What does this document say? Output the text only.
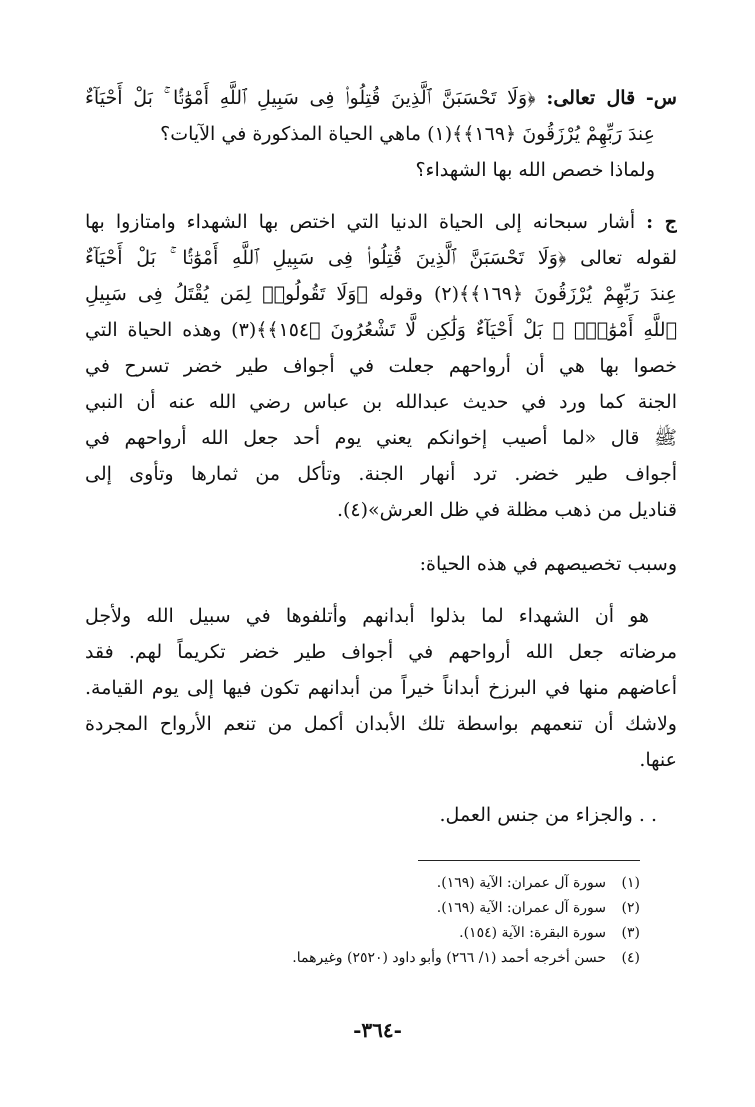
س- قال تعالى: ﴿وَلَا تَحْسَبَنَّ ٱلَّذِينَ قُتِلُوا۟ فِى سَبِيلِ ٱللَّهِ أَمْوَٰتًۢا ۚ بَلْ أَحْيَآءٌ
عِندَ رَبِّهِمْ يُرْزَقُونَ ﴿١٦٩﴾﴾(١) ماهي الحياة المذكورة في الآيات؟
ولماذا خصص الله بها الشهداء؟
ج : أشار سبحانه إلى الحياة الدنيا التي اختص بها الشهداء وامتازوا بها
لقوله تعالى ﴿وَلَا تَحْسَبَنَّ ٱلَّذِينَ قُتِلُوا۟ فِى سَبِيلِ ٱللَّهِ أَمْوَٰتًۢا ۚ بَلْ أَحْيَآءٌ
عِندَ رَبِّهِمْ يُرْزَقُونَ ﴿١٦٩﴾﴾(٢) وقوله ﴿وَلَا تَقُولُوا۟ لِمَن يُقْتَلُ فِى سَبِيلِ
ٱللَّهِ أَمْوَٰتٌۢ ۚ بَلْ أَحْيَآءٌ وَلَٰكِن لَّا تَشْعُرُونَ ﴿١٥٤﴾﴾(٣) وهذه الحياة التي
خصوا بها هي أن أرواحهم جعلت في أجواف طير خضر تسرح في
الجنة كما ورد في حديث عبدالله بن عباس رضي الله عنه أن النبي
ﷺ قال «لما أصيب إخوانكم يعني يوم أحد جعل الله أرواحهم في
أجواف طير خضر. ترد أنهار الجنة. وتأكل من ثمارها وتأوى إلى
قناديل من ذهب مظلة في ظل العرش»(٤).
وسبب تخصيصهم في هذه الحياة:
هو أن الشهداء لما بذلوا أبدانهم وأتلفوها في سبيل الله ولأجل
مرضاته جعل الله أرواحهم في أجواف طير خضر تكريماً لهم. فقد
أعاضهم منها في البرزخ أبداناً خيراً من أبدانهم تكون فيها إلى يوم القيامة.
ولاشك أن تنعمهم بواسطة تلك الأبدان أكمل من تنعم الأرواح المجردة
عنها.
. . والجزاء من جنس العمل.
(١)سورة آل عمران: الآية (١٦٩).
(٢)سورة آل عمران: الآية (١٦٩).
(٣)سورة البقرة: الآية (١٥٤).
(٤)حسن أخرجه أحمد (١/ ٢٦٦) وأبو داود (٢٥٢٠) وغيرهما.
-٣٦٤-
